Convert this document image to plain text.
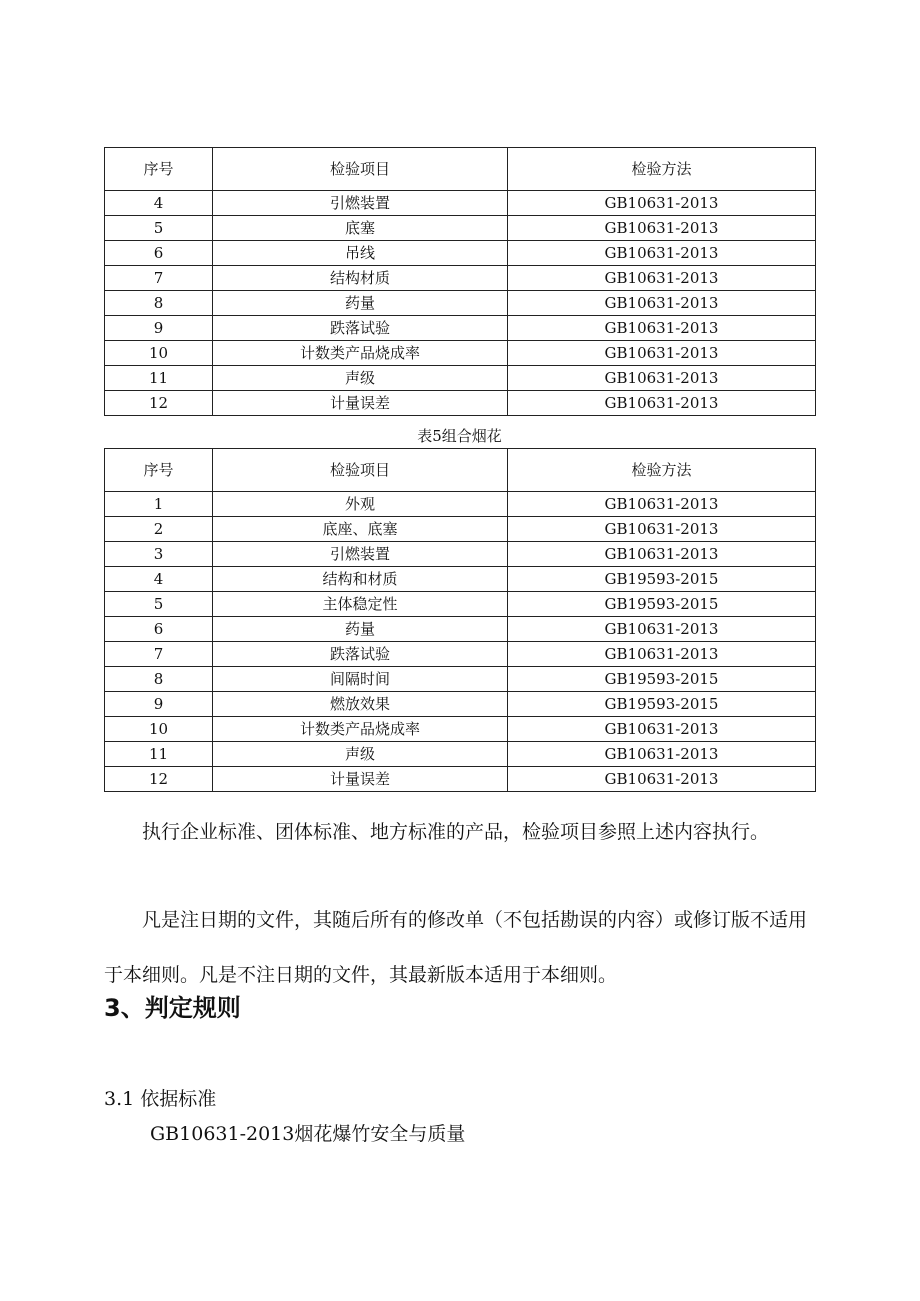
序号	检验项目	检验方法
4	引燃装置	GB10631-2013
5	底塞	GB10631-2013
6	吊线	GB10631-2013
7	结构材质	GB10631-2013
8	药量	GB10631-2013
9	跌落试验	GB10631-2013
10	计数类产品烧成率	GB10631-2013
11	声级	GB10631-2013
12	计量误差	GB10631-2013
表5组合烟花
序号	检验项目	检验方法
1	外观	GB10631-2013
2	底座、底塞	GB10631-2013
3	引燃装置	GB10631-2013
4	结构和材质	GB19593-2015
5	主体稳定性	GB19593-2015
6	药量	GB10631-2013
7	跌落试验	GB10631-2013
8	间隔时间	GB19593-2015
9	燃放效果	GB19593-2015
10	计数类产品烧成率	GB10631-2013
11	声级	GB10631-2013
12	计量误差	GB10631-2013

执行企业标准、团体标准、地方标准的产品，检验项目参照上述内容执行。

凡是注日期的文件，其随后所有的修改单（不包括勘误的内容）或修订版不适用于本细则。凡是不注日期的文件，其最新版本适用于本细则。

3、判定规则

3.1 依据标准

GB10631-2013烟花爆竹安全与质量
